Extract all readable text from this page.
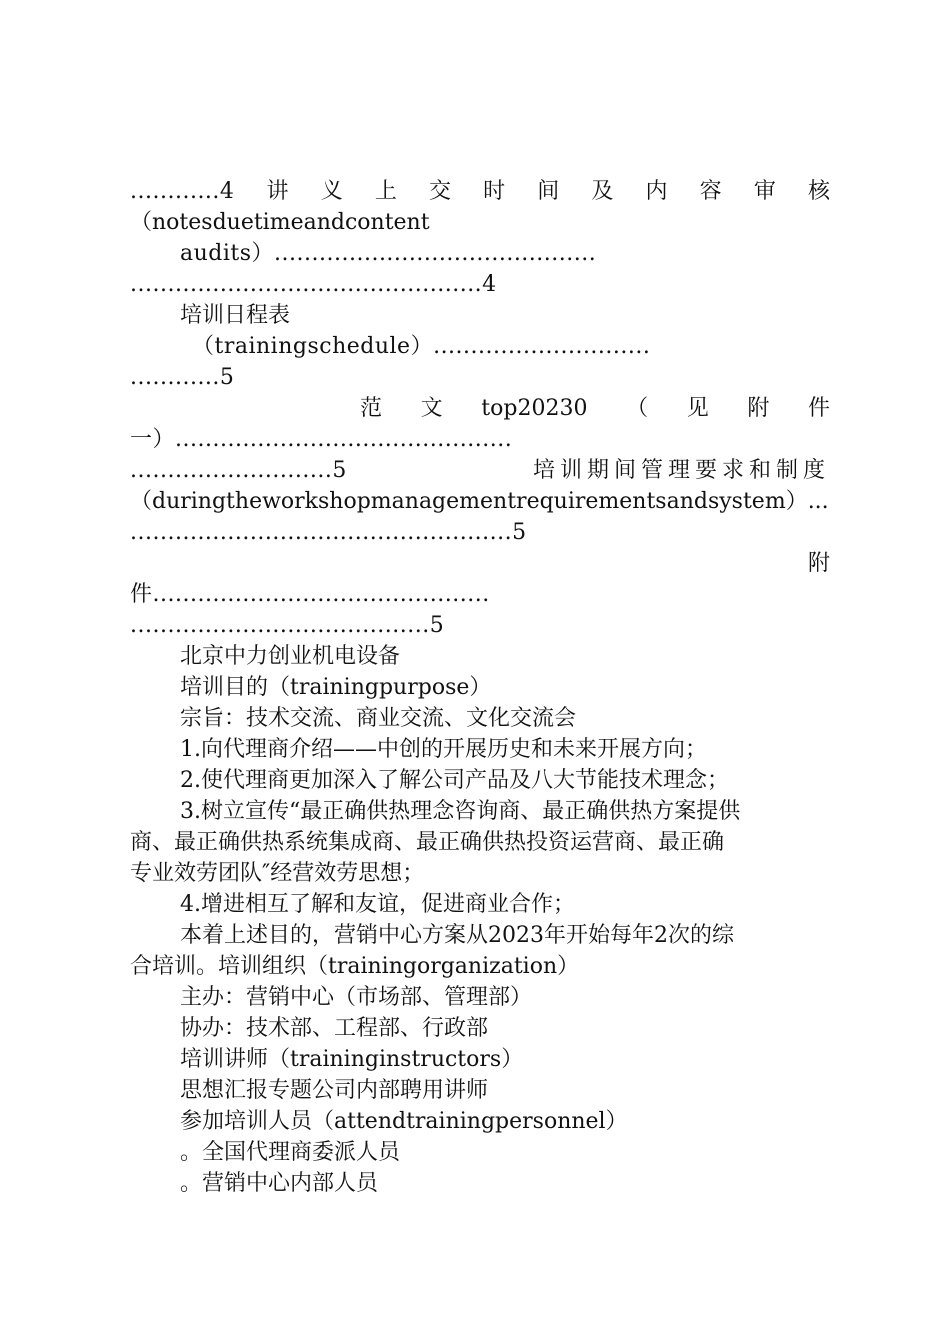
............4 讲 义 上 交 时 间 及 内 容 审 核
（notesduetimeandcontent
audits）...........................................
...............................................4
培训日程表
（trainingschedule）.............................
............5
范 文 top20230 （ 见 附 件
一）.............................................
...........................5	培训期间管理要求和制度
（duringtheworkshopmanagementrequirementsandsystem）...
...................................................5
附
件.............................................
........................................5
北京中力创业机电设备
培训目的（trainingpurpose）
宗旨：技术交流、商业交流、文化交流会
1.向代理商介绍——中创的开展历史和未来开展方向；
2.使代理商更加深入了解公司产品及八大节能技术理念；
3.树立宣传“最正确供热理念咨询商、最正确供热方案提供
商、最正确供热系统集成商、最正确供热投资运营商、最正确
专业效劳团队″经营效劳思想；
4.增进相互了解和友谊，促进商业合作；
本着上述目的，营销中心方案从2023年开始每年2次的综
合培训。培训组织（trainingorganization）
主办：营销中心（市场部、管理部）
协办：技术部、工程部、行政部
培训讲师（traininginstructors）
思想汇报专题公司内部聘用讲师
参加培训人员（attendtrainingpersonnel）
。全国代理商委派人员
。营销中心内部人员
